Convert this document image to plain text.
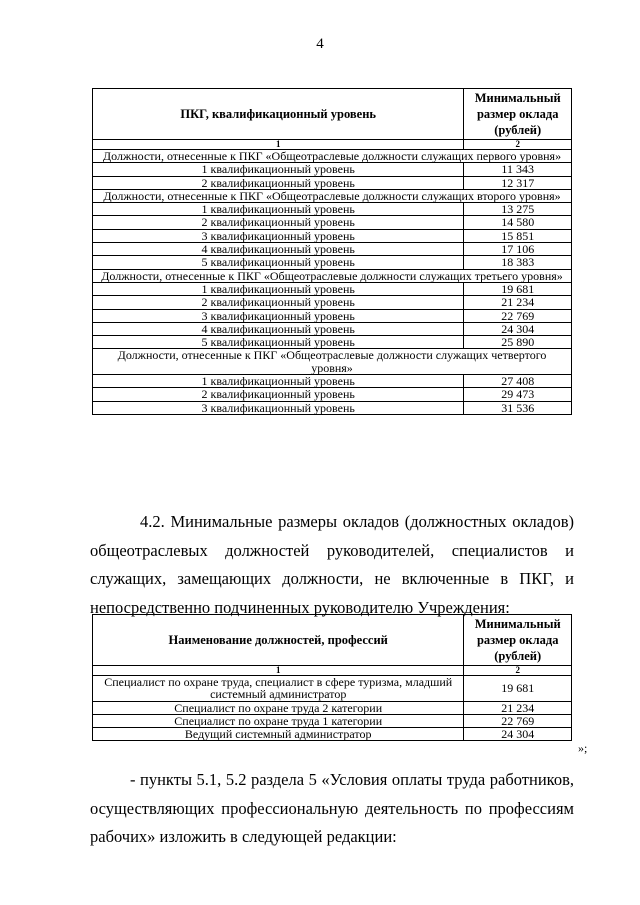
4
ПКГ, квалификационный уровень	Минимальный размер оклада (рублей)
1	2
Должности, отнесенные к ПКГ «Общеотраслевые должности служащих первого уровня»	
1 квалификационный уровень	11 343
2 квалификационный уровень	12 317
Должности, отнесенные к ПКГ «Общеотраслевые должности служащих второго уровня»	
1 квалификационный уровень	13 275
2 квалификационный уровень	14 580
3 квалификационный уровень	15 851
4 квалификационный уровень	17 106
5 квалификационный уровень	18 383
Должности, отнесенные к ПКГ «Общеотраслевые должности служащих третьего уровня»	
1 квалификационный уровень	19 681
2 квалификационный уровень	21 234
3 квалификационный уровень	22 769
4 квалификационный уровень	24 304
5 квалификационный уровень	25 890
Должности, отнесенные к ПКГ «Общеотраслевые должности служащих четвертого уровня»	
1 квалификационный уровень	27 408
2 квалификационный уровень	29 473
3 квалификационный уровень	31 536
4.2. Минимальные размеры окладов (должностных окладов) общеотраслевых должностей руководителей, специалистов и служащих, замещающих должности, не включенные в ПКГ, и непосредственно подчиненных руководителю Учреждения:
Наименование должностей, профессий	Минимальный размер оклада (рублей)
1	2
Специалист по охране труда, специалист в сфере туризма, младший системный администратор	19 681
Специалист по охране труда 2 категории	21 234
Специалист по охране труда 1 категории	22 769
Ведущий системный администратор	24 304
»;
- пункты 5.1, 5.2 раздела 5 «Условия оплаты труда работников, осуществляющих профессиональную деятельность по профессиям рабочих» изложить в следующей редакции:
